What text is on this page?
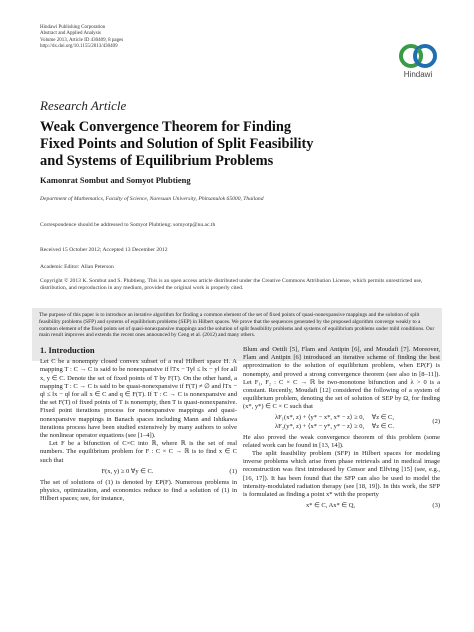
Hindawi Publishing Corporation
Abstract and Applied Analysis
Volume 2013, Article ID 430409, 8 pages
http://dx.doi.org/10.1155/2013/430409
Hindawi
Research Article
Weak Convergence Theorem for Finding
Fixed Points and Solution of Split Feasibility
and Systems of Equilibrium Problems
Kamonrat Sombut and Somyot Plubtieng
Department of Mathematics, Faculty of Science, Naresuan University, Phitsanulok 65000, Thailand
Correspondence should be addressed to Somyot Plubtieng; somyotp@nu.ac.th
Received 15 October 2012; Accepted 13 December 2012
Academic Editor: Allan Peterson
Copyright © 2013 K. Sombut and S. Plubtieng. This is an open access article distributed under the Creative Commons Attribution License, which permits unrestricted use, distribution, and reproduction in any medium, provided the original work is properly cited.
The purpose of this paper is to introduce an iterative algorithm for finding a common element of the set of fixed points of quasi-nonexpansive mappings and the solution of split feasibility problems (SFP) and systems of equilibrium problems (SEP) in Hilbert spaces. We prove that the sequences generated by the proposed algorithm converge weakly to a common element of the fixed points set of quasi-nonexpansive mappings and the solution of split feasibility problems and systems of equilibrium problems under mild conditions. Our main result improves and extends the recent ones announced by Ceng et al. (2012) and many others.
1. Introduction
Let C be a nonempty closed convex subset of a real Hilbert space H. A mapping T : C → C is said to be nonexpansive if ‖Tx − Ty‖ ≤ ‖x − y‖ for all x, y ∈ C. Denote the set of fixed points of T by F(T). On the other hand, a mapping T : C → C is said to be quasi-nonexpansive if F(T) ≠ ∅ and ‖Tx − q‖ ≤ ‖x − q‖ for all x ∈ C and q ∈ F(T). If T : C → C is nonexpansive and the set F(T) of fixed points of T is nonempty, then T is quasi-nonexpansive. Fixed point iterations process for nonexpansive mappings and quasi-nonexpansive mappings in Banach spaces including Mann and Ishikawa iterations process have been studied extensively by many authors to solve the nonlinear operator equations (see [1–4]).
Let F be a bifunction of C×C into ℝ, where ℝ is the set of real numbers. The equilibrium problem for F : C × C → ℝ is to find x ∈ C such that
F(x, y) ≥ 0 ∀y ∈ C.	(1)
The set of solutions of (1) is denoted by EP(F). Numerous problems in physics, optimization, and economics reduce to find a solution of (1) in Hilbert spaces; see, for instance,
Blum and Oettli [5], Flam and Antipin [6], and Moudafi [7]. Moreover, Flam and Antipin [6] introduced an iterative scheme of finding the best approximation to the solution of equilibrium problem, when EP(F) is nonempty, and proved a strong convergence theorem (see also in [8–11]). Let F₁, F₂ : C × C → ℝ be two-monotone bifunction and λ > 0 is a constant. Recently, Moudafi [12] considered the following of a system of equilibrium problem, denoting the set of solution of SEP by Ω, for finding (x*, y*) ∈ C × C such that
λF₁(x*, z) + ⟨y* − x*, x* − z⟩ ≥ 0, ∀z ∈ C,
λF₂(y*, z) + ⟨x* − y*, y* − z⟩ ≥ 0, ∀z ∈ C.
(2)
He also proved the weak convergence theorem of this problem (some related work can be found in [13, 14]).
The split feasibility problem (SFP) in Hilbert spaces for modeling inverse problems which arise from phase retrievals and in medical image reconstruction was first introduced by Censor and Elfving [15] (see, e.g., [16, 17]). It has been found that the SFP can also be used to model the intensity-modulated radiation therapy (see [18, 19]). In this work, the SFP is formulated as finding a point x* with the property
x* ∈ C, Ax* ∈ Q,	(3)
